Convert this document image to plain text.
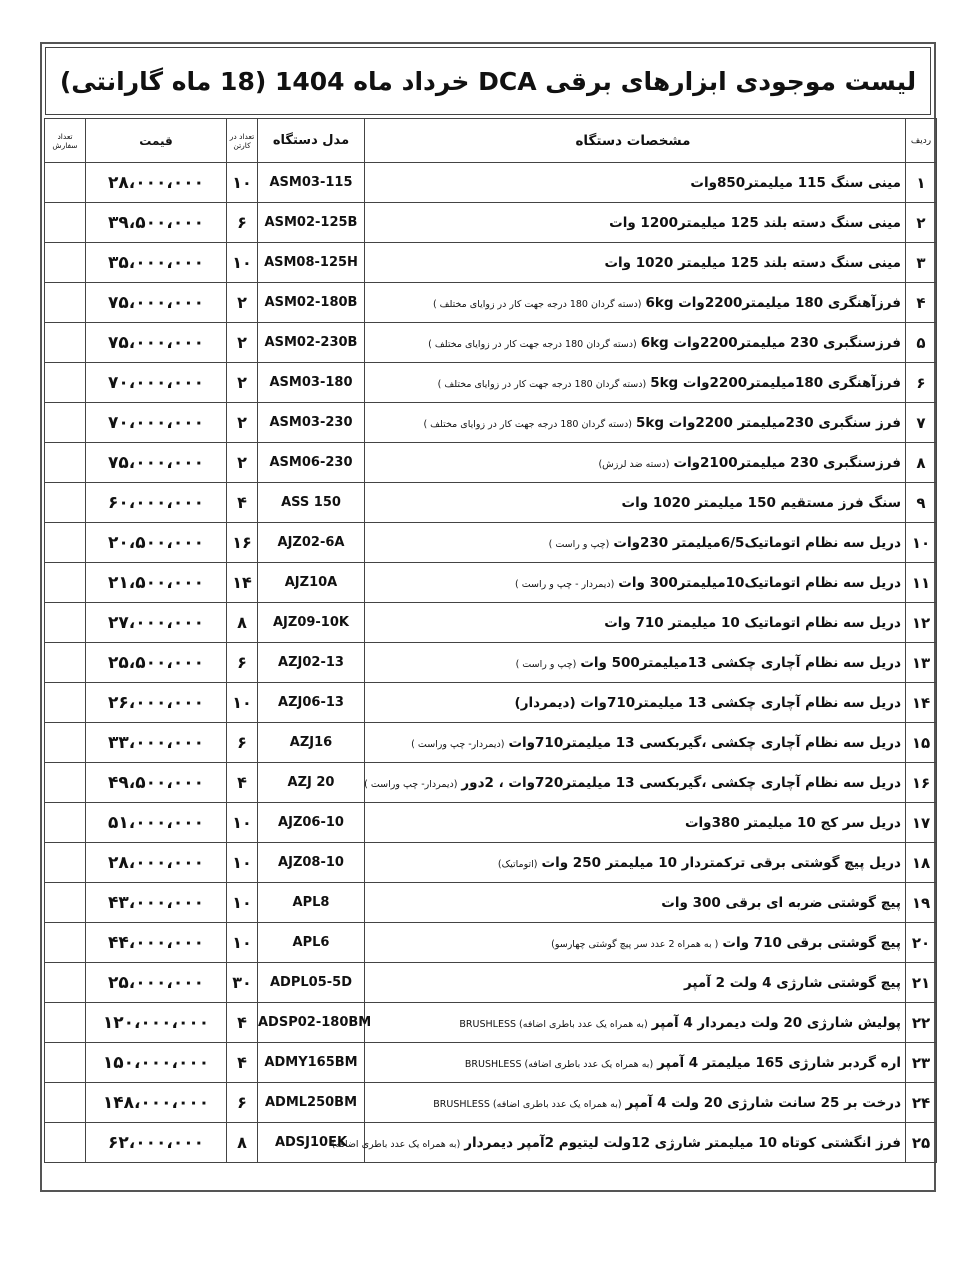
لیست موجودی ابزارهای برقی DCA خرداد ماه 1404 (18 ماه گارانتی)
ردیف	مشخصات دستگاه	مدل دستگاه	تعداد در کارتن	قیمت	تعداد سفارش
۱	مینی سنگ 115 میلیمتر850وات	ASM03-115	۱۰	۲۸،۰۰۰،۰۰۰	
۲	مینی سنگ دسته بلند 125 میلیمتر1200 وات	ASM02-125B	۶	۳۹،۵۰۰،۰۰۰	
۳	مینی سنگ دسته بلند 125 میلیمتر 1020 وات	ASM08-125H	۱۰	۳۵،۰۰۰،۰۰۰	
۴	فرزآهنگری 180 میلیمتر2200وات 6kg(دسته گردان 180 درجه جهت کار در زوایای مختلف )	ASM02-180B	۲	۷۵،۰۰۰،۰۰۰	
۵	فرزسنگبری 230 میلیمتر2200وات 6kg(دسته گردان 180 درجه جهت کار در زوایای مختلف )	ASM02-230B	۲	۷۵،۰۰۰،۰۰۰	
۶	فرزآهنگری 180میلیمتر2200وات 5kg(دسته گردان 180 درجه جهت کار در زوایای مختلف )	ASM03-180	۲	۷۰،۰۰۰،۰۰۰	
۷	فرز سنگبری 230میلیمتر 2200وات 5kg(دسته گردان 180 درجه جهت کار در زوایای مختلف )	ASM03-230	۲	۷۰،۰۰۰،۰۰۰	
۸	فرزسنگبری 230 میلیمتر2100وات(دسته ضد لرزش)	ASM06-230	۲	۷۵،۰۰۰،۰۰۰	
۹	سنگ فرز مستقیم 150 میلیمتر 1020 وات	ASS 150	۴	۶۰،۰۰۰،۰۰۰	
۱۰	دریل سه نظام اتوماتیک6/5میلیمتر 230وات(چپ و راست )	AJZ02-6A	۱۶	۲۰،۵۰۰،۰۰۰	
۱۱	دریل سه نظام اتوماتیک10میلیمتر300 وات(دیمردار - چپ و راست )	AJZ10A	۱۴	۲۱،۵۰۰،۰۰۰	
۱۲	دریل سه نظام اتوماتیک 10 میلیمتر 710 وات	AJZ09-10K	۸	۲۷،۰۰۰،۰۰۰	
۱۳	دریل سه نظام آچاری چکشی 13میلیمتر500 وات(چپ و راست )	AZJ02-13	۶	۲۵،۵۰۰،۰۰۰	
۱۴	دریل سه نظام آچاری چکشی 13 میلیمتر710وات (دیمردار)	AZJ06-13	۱۰	۲۶،۰۰۰،۰۰۰	
۱۵	دریل سه نظام آچاری چکشی ،گیربکسی 13 میلیمتر710وات(دیمردار- چپ وراست )	AZJ16	۶	۳۳،۰۰۰،۰۰۰	
۱۶	دریل سه نظام آچاری چکشی ،گیربکسی 13 میلیمتر720وات ، 2دور(دیمردار- چپ وراست )	AZJ 20	۴	۴۹،۵۰۰،۰۰۰	
۱۷	دریل سر کج 10 میلیمتر 380وات	AJZ06-10	۱۰	۵۱،۰۰۰،۰۰۰	
۱۸	دریل پیچ گوشتی برقی ترکمتردار 10 میلیمتر 250 وات(اتوماتیک)	AJZ08-10	۱۰	۲۸،۰۰۰،۰۰۰	
۱۹	پیچ گوشتی ضربه ای برقی 300 وات	APL8	۱۰	۴۳،۰۰۰،۰۰۰	
۲۰	پیچ گوشتی برقی 710 وات( به همراه 2 عدد سر پیچ گوشتی چهارسو)	APL6	۱۰	۴۴،۰۰۰،۰۰۰	
۲۱	پیچ گوشتی شارژی 4 ولت 2 آمپر	ADPL05-5D	۳۰	۲۵،۰۰۰،۰۰۰	
۲۲	پولیش شارژی 20 ولت دیمردار 4 آمپر(به همراه یک عدد باطری اضافه) BRUSHLESS	ADSP02-180BM	۴	۱۲۰،۰۰۰،۰۰۰	
۲۳	اره گردبر شارژی 165 میلیمتر 4 آمپر(به همراه یک عدد باطری اضافه) BRUSHLESS	ADMY165BM	۴	۱۵۰،۰۰۰،۰۰۰	
۲۴	درخت بر 25 سانت شارژی 20 ولت 4 آمپر(به همراه یک عدد باطری اضافه) BRUSHLESS	ADML250BM	۶	۱۴۸،۰۰۰،۰۰۰	
۲۵	فرز انگشتی کوتاه 10 میلیمتر شارژی 12ولت لیتیوم 2آمپر دیمردار(به همراه یک عدد باطری اضافه)	ADSJ10EK	۸	۶۲،۰۰۰،۰۰۰	
